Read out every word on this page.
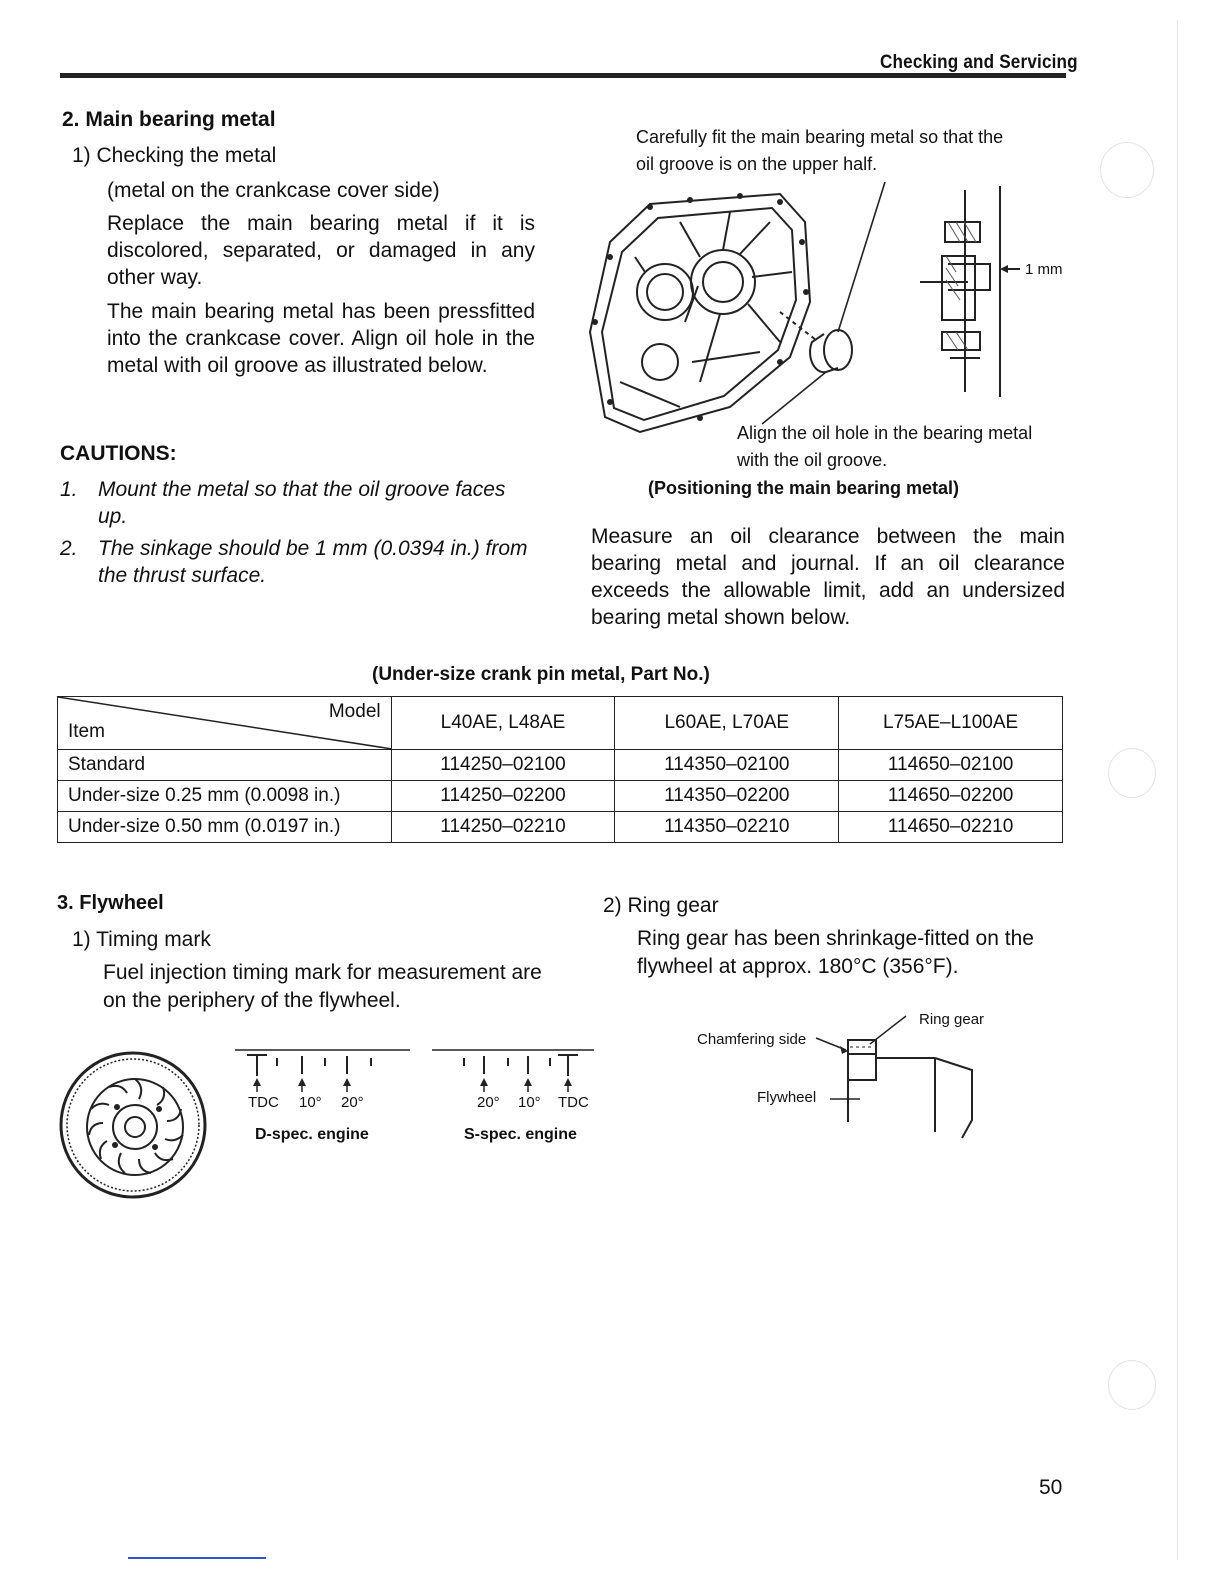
Checking and Servicing
2. Main bearing metal
1) Checking the metal
(metal on the crankcase cover side)
Replace the main bearing metal if it is discolored, separated, or damaged in any other way.
The main bearing metal has been pressfitted into the crankcase cover. Align oil hole in the metal with oil groove as illustrated below.
CAUTIONS:
1. Mount the metal so that the oil groove faces up.
2. The sinkage should be 1 mm (0.0394 in.) from the thrust surface.
Carefully fit the main bearing metal so that the oil groove is on the upper half.
1 mm
Align the oil hole in the bearing metal with the oil groove.
(Positioning the main bearing metal)
Measure an oil clearance between the main bearing metal and journal. If an oil clearance exceeds the allowable limit, add an undersized bearing metal shown below.
(Under-size crank pin metal, Part No.)
Model
Item	L40AE, L48AE	L60AE, L70AE	L75AE–L100AE
Standard	114250–02100	114350–02100	114650–02100
Under-size 0.25 mm (0.0098 in.)	114250–02200	114350–02200	114650–02200
Under-size 0.50 mm (0.0197 in.)	114250–02210	114350–02210	114650–02210
3. Flywheel
1) Timing mark
Fuel injection timing mark for measurement are on the periphery of the flywheel.
TDC 10° 20°
D-spec. engine
20° 10° TDC
S-spec. engine
2) Ring gear
Ring gear has been shrinkage-fitted on the flywheel at approx. 180°C (356°F).
Ring gear
Chamfering side
Flywheel
50
